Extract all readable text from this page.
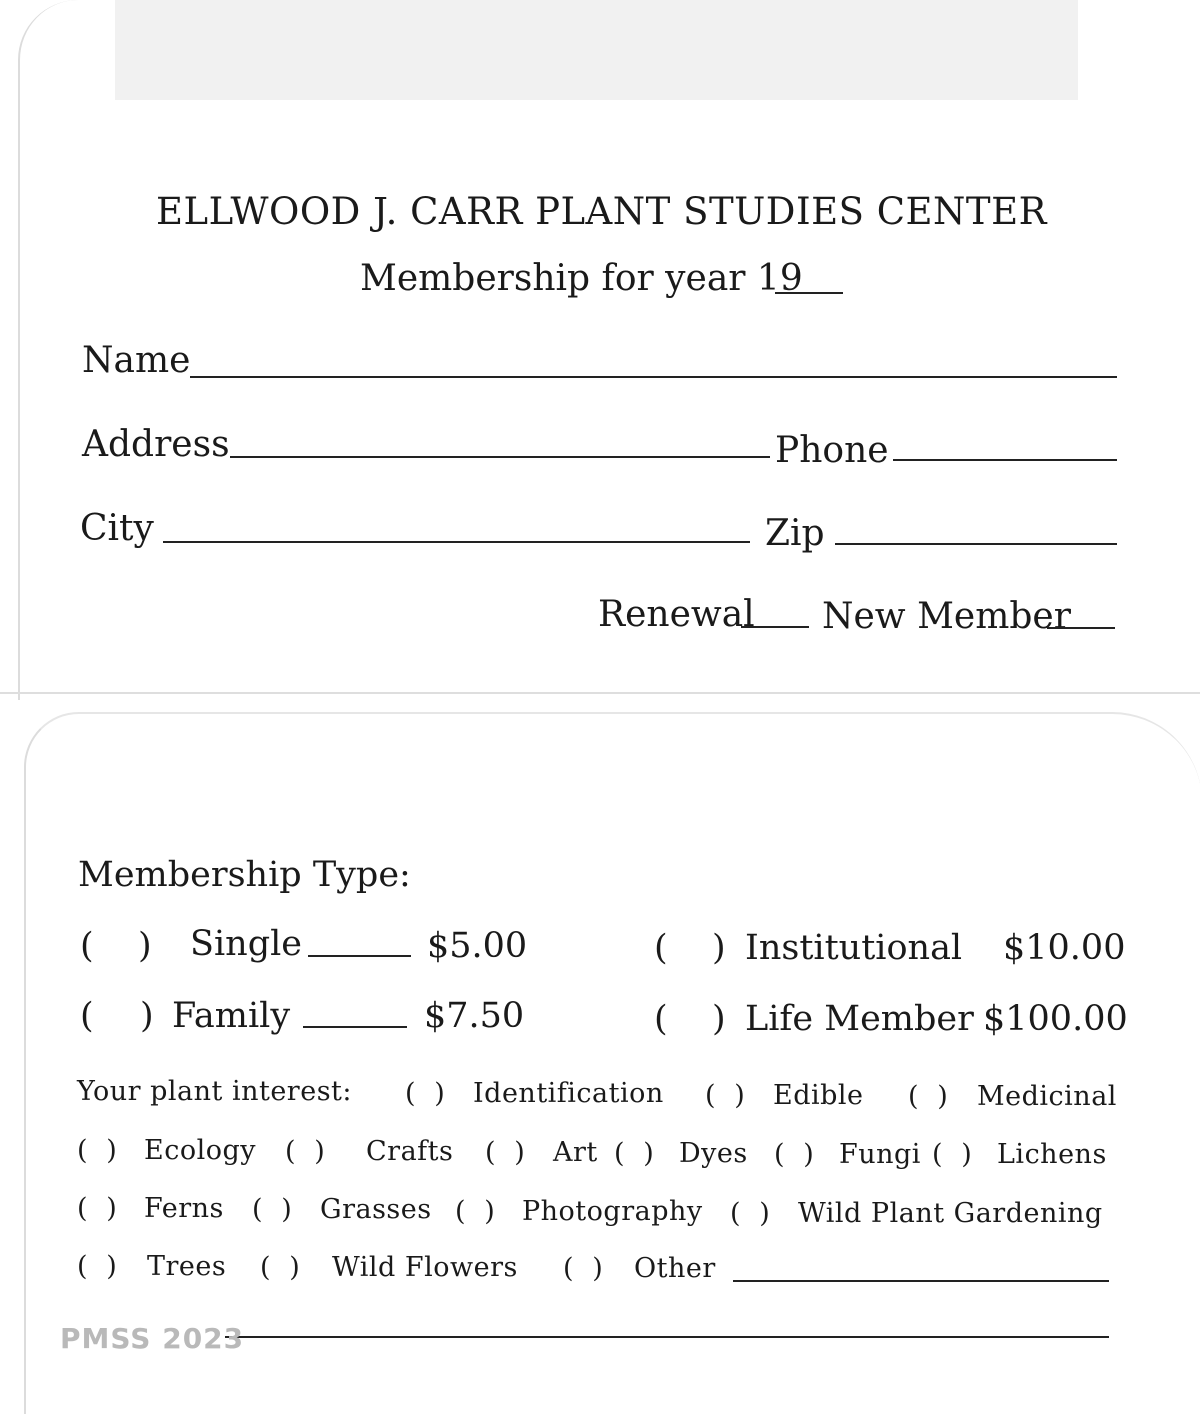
ELLWOOD J. CARR PLANT STUDIES CENTER
Membership for year 19
Name
Address	Phone
City	Zip
Renewal New Member
Membership Type:
( ) Single	$5.00	( ) Institutional $10.00
( ) Family	$7.50	( ) Life Member $100.00
Your plant interest: (  ) Identification (  ) Edible (  ) Medicinal
(  ) Ecology (  ) Crafts (  ) Art (  ) Dyes (  ) Fungi (  ) Lichens
(  ) Ferns (  ) Grasses (  ) Photography (  ) Wild Plant Gardening
(  ) Trees (  ) Wild Flowers (  ) Other
PMSS 2023
